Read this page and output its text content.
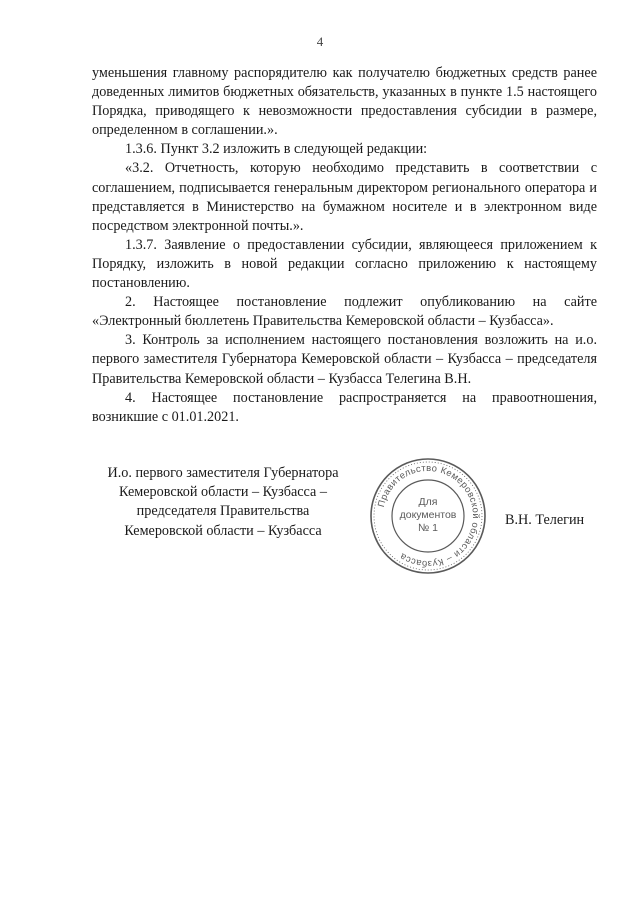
4

уменьшения главному распорядителю как получателю бюджетных средств ранее доведенных лимитов бюджетных обязательств, указанных в пункте 1.5 настоящего Порядка, приводящего к невозможности предоставления субсидии в размере, определенном в соглашении.».

1.3.6. Пункт 3.2 изложить в следующей редакции:

«3.2. Отчетность, которую необходимо представить в соответствии с соглашением, подписывается генеральным директором регионального оператора и представляется в Министерство на бумажном носителе и в электронном виде посредством электронной почты.».

1.3.7. Заявление о предоставлении субсидии, являющееся приложением к Порядку, изложить в новой редакции согласно приложению к настоящему постановлению.

2. Настоящее постановление подлежит опубликованию на сайте «Электронный бюллетень Правительства Кемеровской области – Кузбасса».

3. Контроль за исполнением настоящего постановления возложить на и.о. первого заместителя Губернатора Кемеровской области – Кузбасса – председателя Правительства Кемеровской области – Кузбасса Телегина В.Н.

4. Настоящее постановление распространяется на правоотношения, возникшие с 01.01.2021.

И.о. первого заместителя Губернатора
Кемеровской области – Кузбасса –
председателя Правительства
Кемеровской области – Кузбасса
Правительство Кемеровской области – Кузбасса
Для
документов
№ 1	В.Н. Телегин
